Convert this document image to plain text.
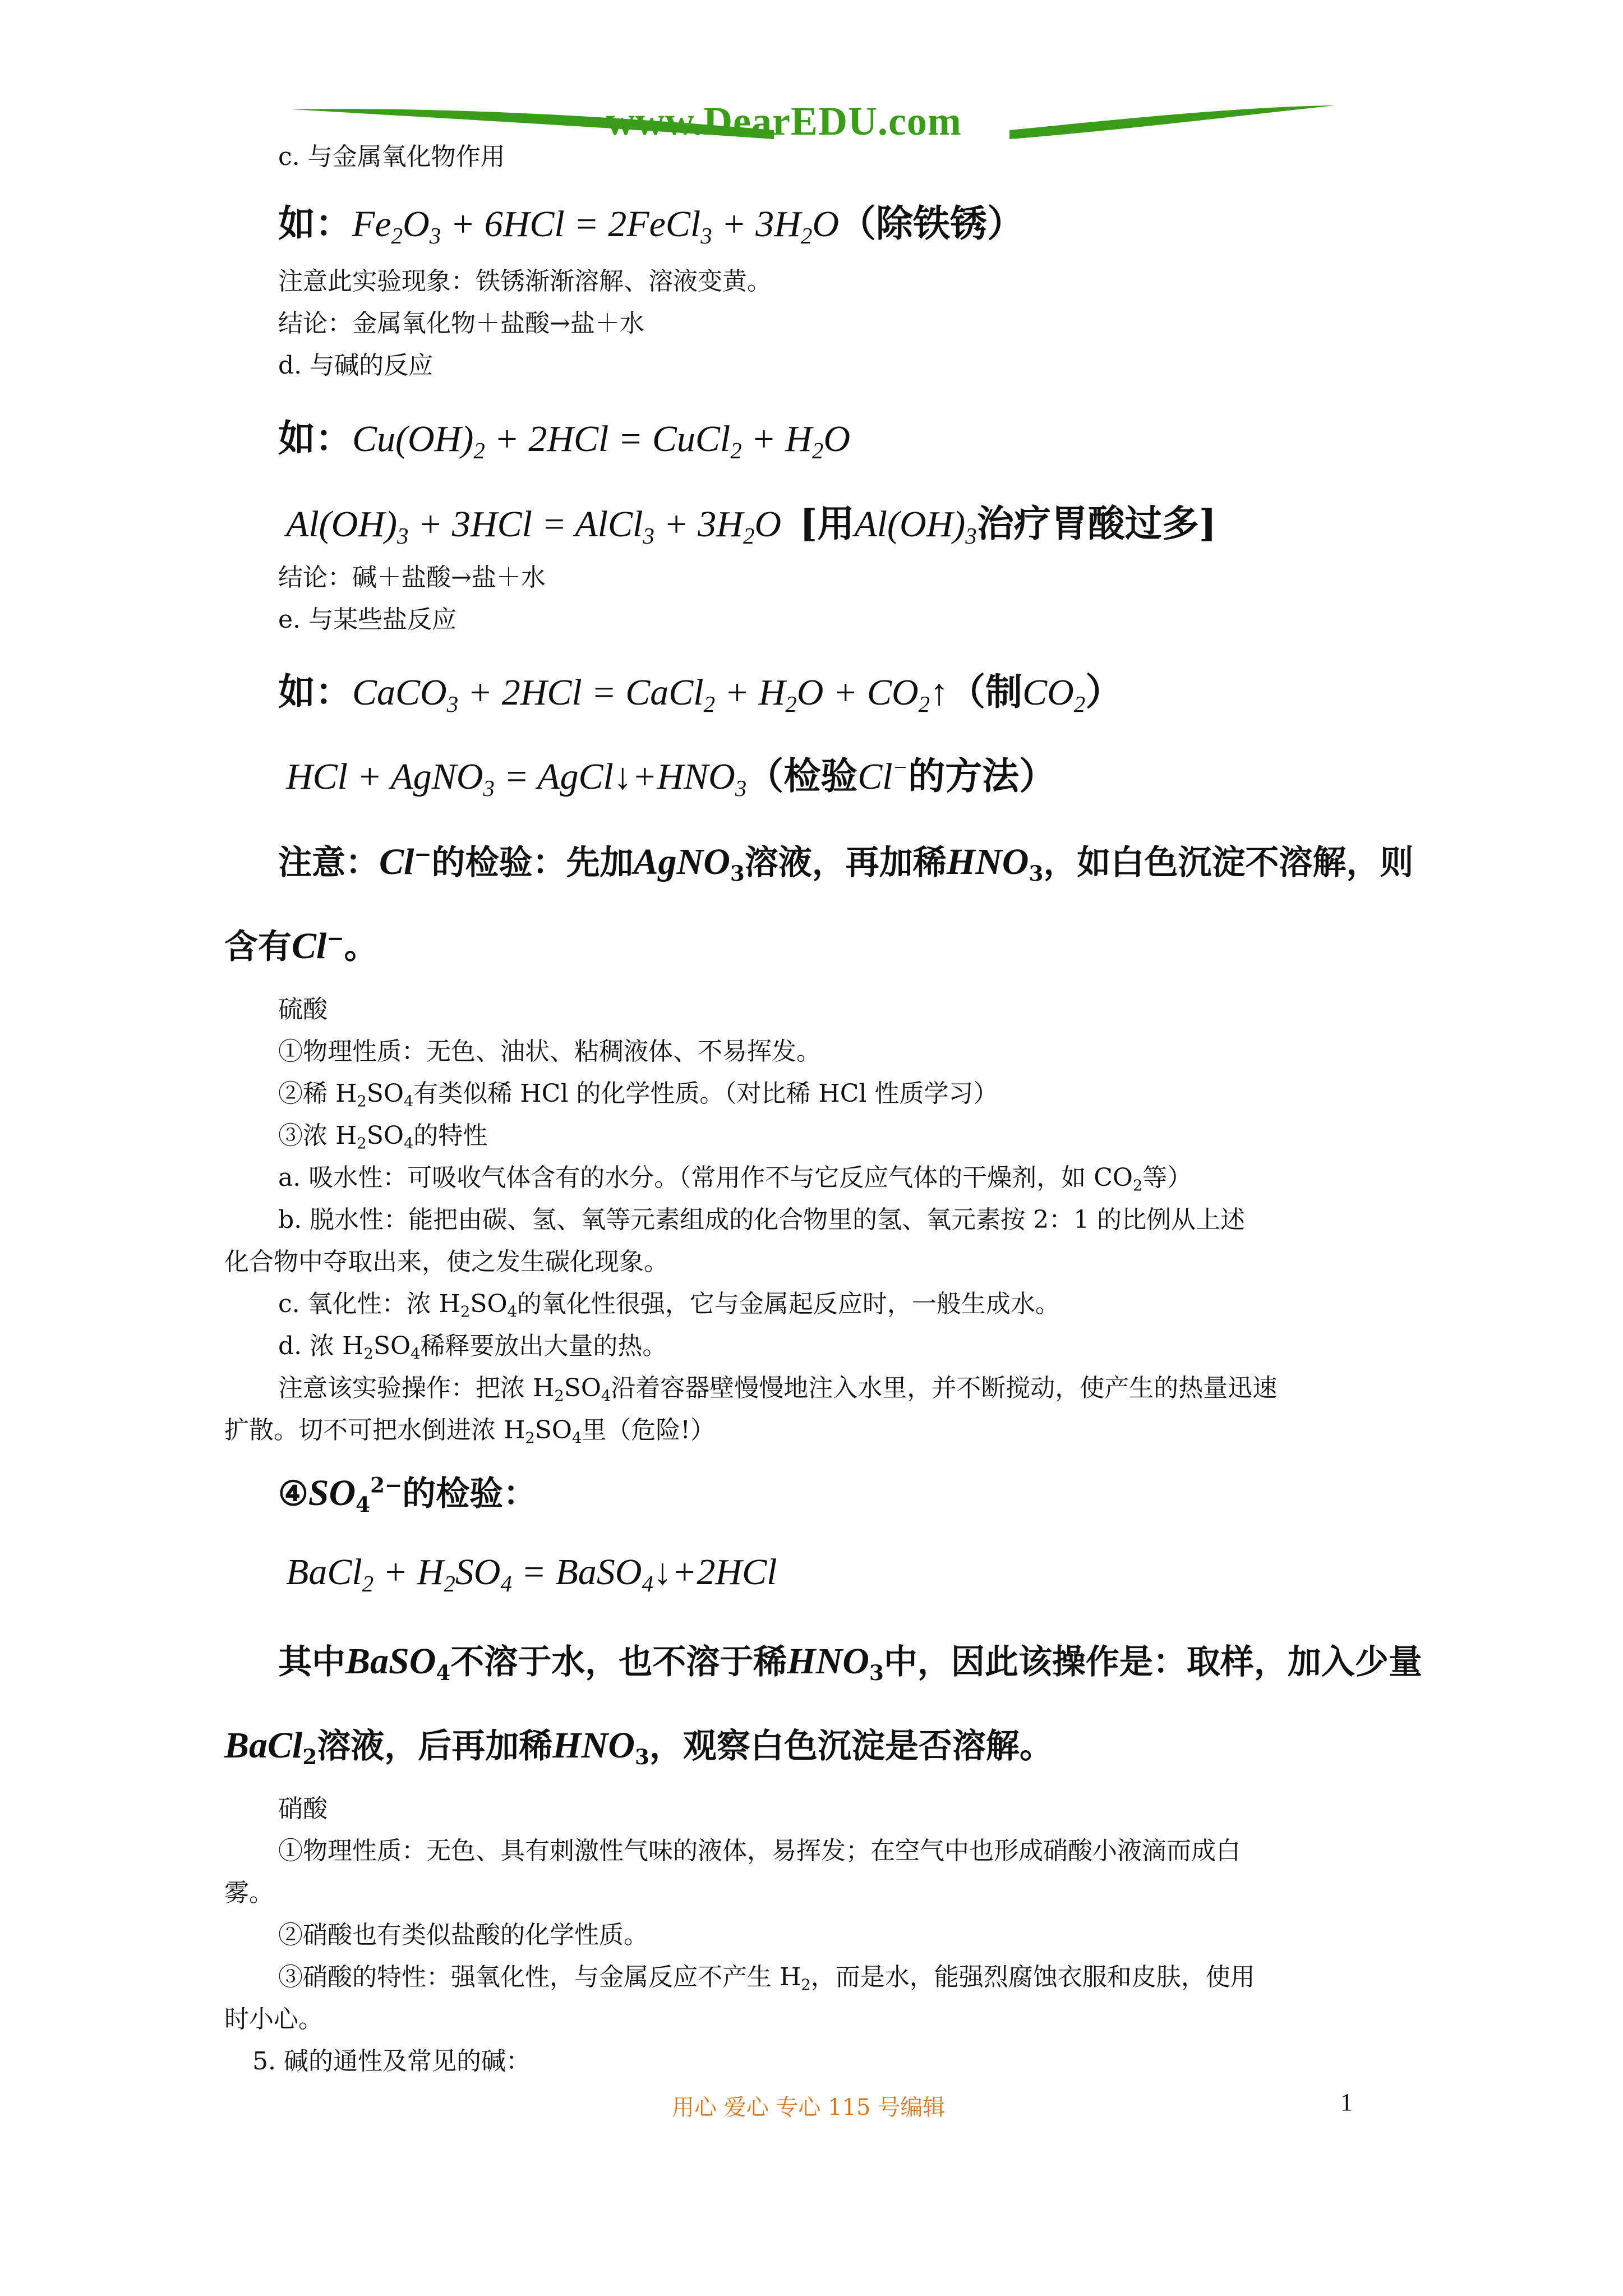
www.DearEDU.com
c. 与金属氧化物作用
如：$Fe_2O_3 + 6HCl$ = 2FeCl$_3$ + $3H_2O$（除铁锈）
注意此实验现象：铁锈渐渐溶解、溶液变黄。
结论：金属氧化物＋盐酸→盐＋水
d. 与碱的反应
如：$Cu(OH)_2 + 2HCl$ = CuCl$_2$ + $H_2O$
$Al(OH)_3 + 3HCl$ = AlCl$_3$ + $3H_2O$  [用$Al(OH)_3$治疗胃酸过多]
结论：碱＋盐酸→盐＋水
e. 与某些盐反应
如：CaCO$_3$ + 2HCl = CaCl$_2$ + $H_2O$ + $CO_2↑$（制$CO_2$）
HCl + AgNO$_3$ = $AgCl↓+HNO_3$（检验Cl−的方法）
注意：Cl−的检验：先加AgNO$_3$溶液，再加稀$HNO_3$，如白色沉淀不溶解，则
含有Cl−。
硫酸
①物理性质：无色、油状、粘稠液体、不易挥发。
②稀 $H_2SO_4$有类似稀 HCl 的化学性质。（对比稀 HCl 性质学习）
③浓 $H_2SO_4$的特性
a. 吸水性：可吸收气体含有的水分。（常用作不与它反应气体的干燥剂，如 $CO_2$等）
b. 脱水性：能把由碳、氢、氧等元素组成的化合物里的氢、氧元素按 2：1 的比例从上述
化合物中夺取出来，使之发生碳化现象。
c. 氧化性：浓 $H_2SO_4$的氧化性很强，它与金属起反应时，一般生成水。
d. 浓 $H_2SO_4$稀释要放出大量的热。
注意该实验操作：把浓 $H_2SO_4$沿着容器壁慢慢地注入水里，并不断搅动，使产生的热量迅速
扩散。切不可把水倒进浓 $H_2SO_4$里（危险!）
$④SO_4^{2-}$的检验：
BaCl$_2$ + $H_2SO_4$ = BaSO$_4$↓+2HCl
其中BaSO$_4$不溶于水，也不溶于稀$HNO_3$中，因此该操作是：取样，加入少量
BaCl$_2$溶液，后再加稀$HNO_3$，观察白色沉淀是否溶解。
硝酸
①物理性质：无色、具有刺激性气味的液体，易挥发；在空气中也形成硝酸小液滴而成白
雾。
②硝酸也有类似盐酸的化学性质。
③硝酸的特性：强氧化性，与金属反应不产生 $H_2$，而是水，能强烈腐蚀衣服和皮肤，使用
时小心。
5. 碱的通性及常见的碱：
用心 爱心 专心 115 号编辑	1
